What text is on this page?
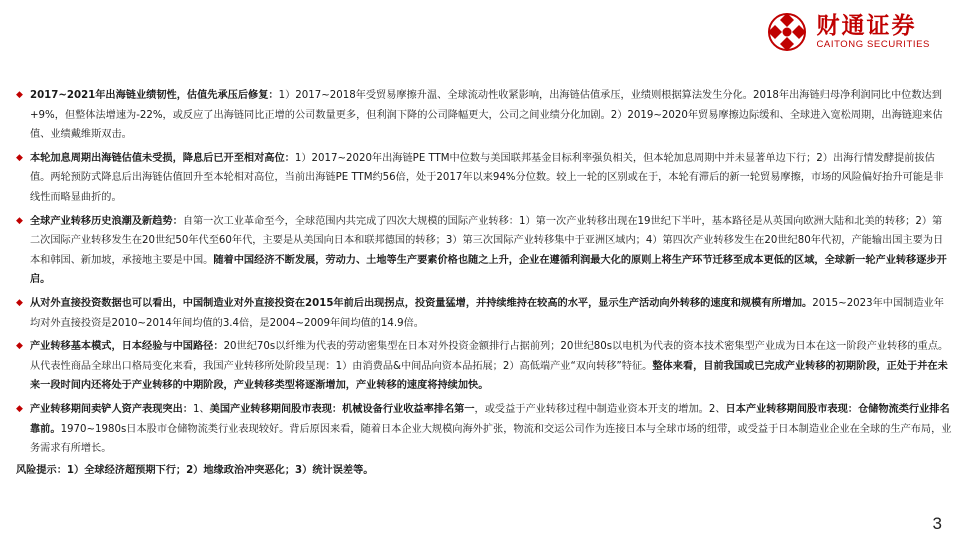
财通证券
CAITONG SECURITIES
◆ 2017~2021年出海链业绩韧性，估值先承压后修复：1）2017~2018年受贸易摩擦升温、全球流动性收紧影响，出海链估值承压，业绩则根据算法发生分化。2018年出海链归母净利润同比中位数达到+9%，但整体法增速为-22%，或反应了出海链同比正增的公司数量更多，但利润下降的公司降幅更大，公司之间业绩分化加剧。2）2019~2020年贸易摩擦边际缓和、全球进入宽松周期，出海链迎来估值、业绩戴维斯双击。
◆ 本轮加息周期出海链估值未受损，降息后已开至相对高位：1）2017~2020年出海链PE TTM中位数与美国联邦基金目标利率强负相关，但本轮加息周期中并未显著单边下行；2）出海行情发酵提前拔估值。两轮预防式降息后出海链估值回升至本轮相对高位，当前出海链PE TTM约56倍，处于2017年以来94%分位数。较上一轮的区别或在于，本轮有滞后的新一轮贸易摩擦，市场的风险偏好抬升可能是非线性而略显曲折的。
◆ 全球产业转移历史浪潮及新趋势：自第一次工业革命至今，全球范围内共完成了四次大规模的国际产业转移：1）第一次产业转移出现在19世纪下半叶，基本路径是从英国向欧洲大陆和北美的转移；2）第二次国际产业转移发生在20世纪50年代至60年代，主要是从美国向日本和联邦德国的转移；3）第三次国际产业转移集中于亚洲区域内；4）第四次产业转移发生在20世纪80年代初，产能输出国主要为日本和韩国、新加坡，承接地主要是中国。随着中国经济不断发展，劳动力、土地等生产要素价格也随之上升，企业在遵循利润最大化的原则上将生产环节迁移至成本更低的区域，全球新一轮产业转移逐步开启。
◆ 从对外直接投资数据也可以看出，中国制造业对外直接投资在2015年前后出现拐点，投资量猛增，并持续维持在较高的水平，显示生产活动向外转移的速度和规模有所增加。2015~2023年中国制造业年均对外直接投资是2010~2014年间均值的3.4倍，是2004~2009年间均值的14.9倍。
◆ 产业转移基本模式，日本经验与中国路径：20世纪70s以纤维为代表的劳动密集型在日本对外投资金额排行占据前列；20世纪80s以电机为代表的资本技术密集型产业成为日本在这一阶段产业转移的重点。从代表性商品全球出口格局变化来看，我国产业转移所处阶段呈现：1）由消费品&中间品向资本品拓展；2）高低端产业“双向转移”特征。整体来看，目前我国或已完成产业转移的初期阶段，正处于并在未来一段时间内还将处于产业转移的中期阶段，产业转移类型将逐渐增加，产业转移的速度将持续加快。
◆ 产业转移期间卖铲人资产表现突出：1、美国产业转移期间股市表现：机械设备行业收益率排名第一，或受益于产业转移过程中制造业资本开支的增加。2、日本产业转移期间股市表现：仓储物流类行业排名靠前。1970~1980s日本股市仓储物流类行业表现较好。背后原因来看，随着日本企业大规模向海外扩张，物流和交运公司作为连接日本与全球市场的纽带，或受益于日本制造业企业在全球的生产布局，业务需求有所增长。
风险提示：1）全球经济超预期下行；2）地缘政治冲突恶化；3）统计误差等。
3
